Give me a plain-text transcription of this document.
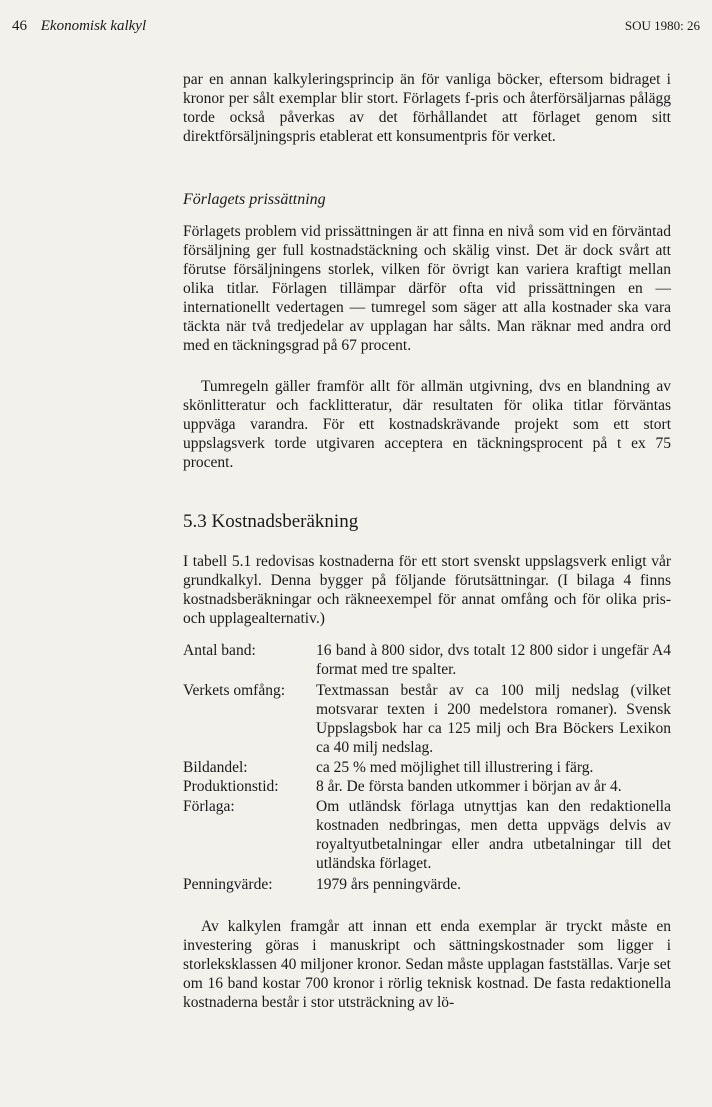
46 Ekonomisk kalkyl	SOU 1980: 26

par en annan kalkyleringsprincip än för vanliga böcker, eftersom bidraget i kronor per sålt exemplar blir stort. Förlagets f-pris och återförsäljarnas pålägg torde också påverkas av det förhållandet att förlaget genom sitt direktförsäljningspris etablerat ett konsumentpris för verket.

Förlagets prissättning

Förlagets problem vid prissättningen är att finna en nivå som vid en förväntad försäljning ger full kostnadstäckning och skälig vinst. Det är dock svårt att förutse försäljningens storlek, vilken för övrigt kan variera kraftigt mellan olika titlar. Förlagen tillämpar därför ofta vid prissättningen en — internationellt vedertagen — tumregel som säger att alla kostnader ska vara täckta när två tredjedelar av upplagan har sålts. Man räknar med andra ord med en täckningsgrad på 67 procent.

Tumregeln gäller framför allt för allmän utgivning, dvs en blandning av skönlitteratur och facklitteratur, där resultaten för olika titlar förväntas uppväga varandra. För ett kostnadskrävande projekt som ett stort uppslagsverk torde utgivaren acceptera en täckningsprocent på t ex 75 procent.

5.3 Kostnadsberäkning

I tabell 5.1 redovisas kostnaderna för ett stort svenskt uppslagsverk enligt vår grundkalkyl. Denna bygger på följande förutsättningar. (I bilaga 4 finns kostnadsberäkningar och räkneexempel för annat omfång och för olika pris- och upplagealternativ.)

Antal band:	16 band à 800 sidor, dvs totalt 12 800 sidor i ungefär A4 format med tre spalter.
Verkets omfång:	Textmassan består av ca 100 milj nedslag (vilket motsvarar texten i 200 medelstora romaner). Svensk Uppslagsbok har ca 125 milj och Bra Böckers Lexikon ca 40 milj nedslag.
Bildandel:	ca 25 % med möjlighet till illustrering i färg.
Produktionstid:	8 år. De första banden utkommer i början av år 4.
Förlaga:	Om utländsk förlaga utnyttjas kan den redaktionella kostnaden nedbringas, men detta uppvägs delvis av royaltyutbetalningar eller andra utbetalningar till det utländska förlaget.
Penningvärde:	1979 års penningvärde.

Av kalkylen framgår att innan ett enda exemplar är tryckt måste en investering göras i manuskript och sättningskostnader som ligger i storleksklassen 40 miljoner kronor. Sedan måste upplagan fastställas. Varje set om 16 band kostar 700 kronor i rörlig teknisk kostnad. De fasta redaktionella kostnaderna består i stor utsträckning av lö-
